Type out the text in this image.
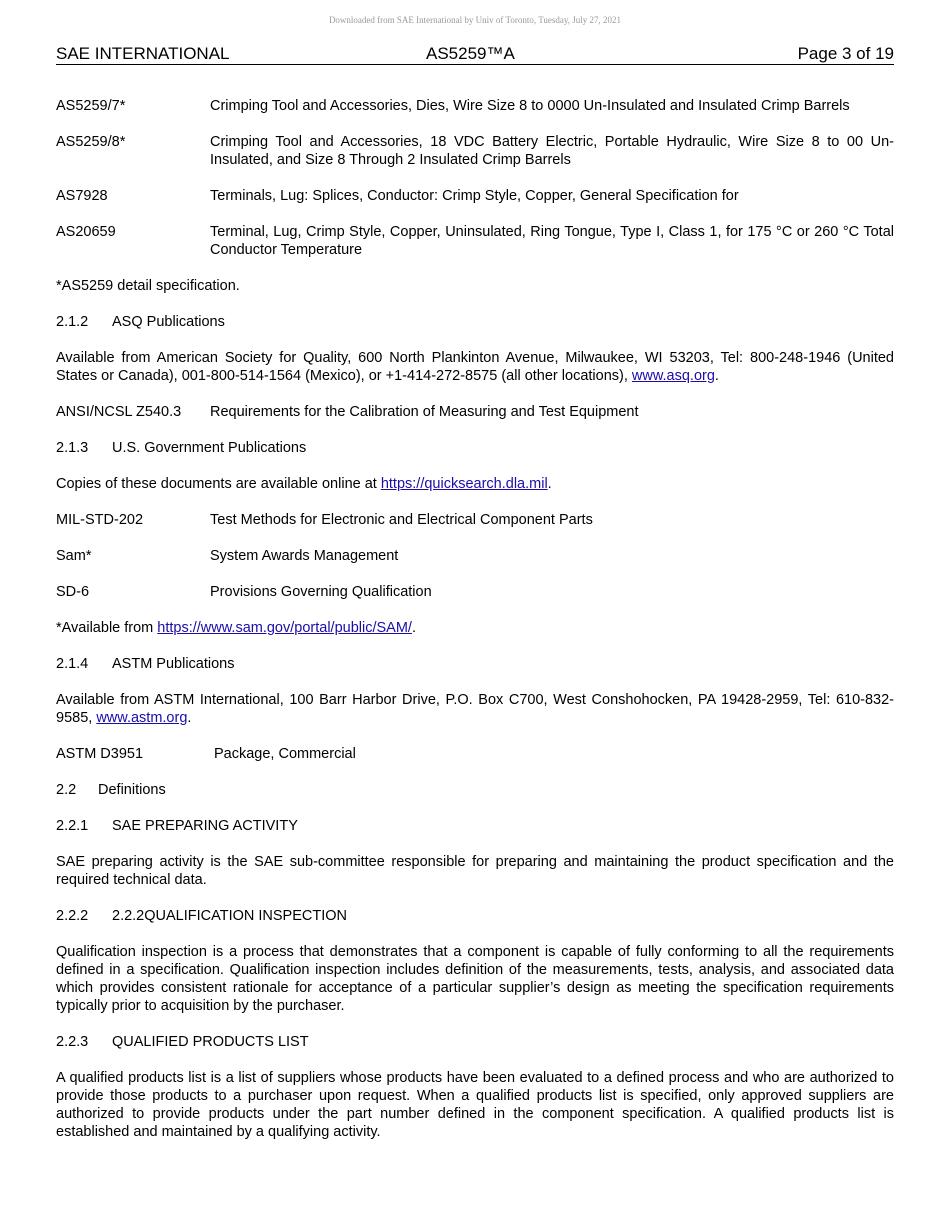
Downloaded from SAE International by Univ of Toronto, Tuesday, July 27, 2021
SAE INTERNATIONAL	AS5259™A	Page 3 of 19
AS5259/7*	Crimping Tool and Accessories, Dies, Wire Size 8 to 0000 Un-Insulated and Insulated Crimp Barrels
AS5259/8*	Crimping Tool and Accessories, 18 VDC Battery Electric, Portable Hydraulic, Wire Size 8 to 00 Un-Insulated, and Size 8 Through 2 Insulated Crimp Barrels
AS7928	Terminals, Lug: Splices, Conductor: Crimp Style, Copper, General Specification for
AS20659	Terminal, Lug, Crimp Style, Copper, Uninsulated, Ring Tongue, Type I, Class 1, for 175 °C or 260 °C Total Conductor Temperature

*AS5259 detail specification.

2.1.2	ASQ Publications

Available from American Society for Quality, 600 North Plankinton Avenue, Milwaukee, WI 53203, Tel: 800-248-1946 (United States or Canada), 001-800-514-1564 (Mexico), or +1-414-272-8575 (all other locations), www.asq.org.

ANSI/NCSL Z540.3	Requirements for the Calibration of Measuring and Test Equipment
2.1.3	U.S. Government Publications

Copies of these documents are available online at https://quicksearch.dla.mil.

MIL-STD-202	Test Methods for Electronic and Electrical Component Parts
Sam*	System Awards Management
SD-6	Provisions Governing Qualification

*Available from https://www.sam.gov/portal/public/SAM/.

2.1.4	ASTM Publications

Available from ASTM International, 100 Barr Harbor Drive, P.O. Box C700, West Conshohocken, PA 19428-2959, Tel: 610-832-9585, www.astm.org.

ASTM D3951	Package, Commercial
2.2	Definitions
2.2.1	SAE PREPARING ACTIVITY

SAE preparing activity is the SAE sub-committee responsible for preparing and maintaining the product specification and the required technical data.

2.2.2	2.2.2QUALIFICATION INSPECTION

Qualification inspection is a process that demonstrates that a component is capable of fully conforming to all the requirements defined in a specification. Qualification inspection includes definition of the measurements, tests, analysis, and associated data which provides consistent rationale for acceptance of a particular supplier’s design as meeting the specification requirements typically prior to acquisition by the purchaser.

2.2.3	QUALIFIED PRODUCTS LIST

A qualified products list is a list of suppliers whose products have been evaluated to a defined process and who are authorized to provide those products to a purchaser upon request. When a qualified products list is specified, only approved suppliers are authorized to provide products under the part number defined in the component specification. A qualified products list is established and maintained by a qualifying activity.
